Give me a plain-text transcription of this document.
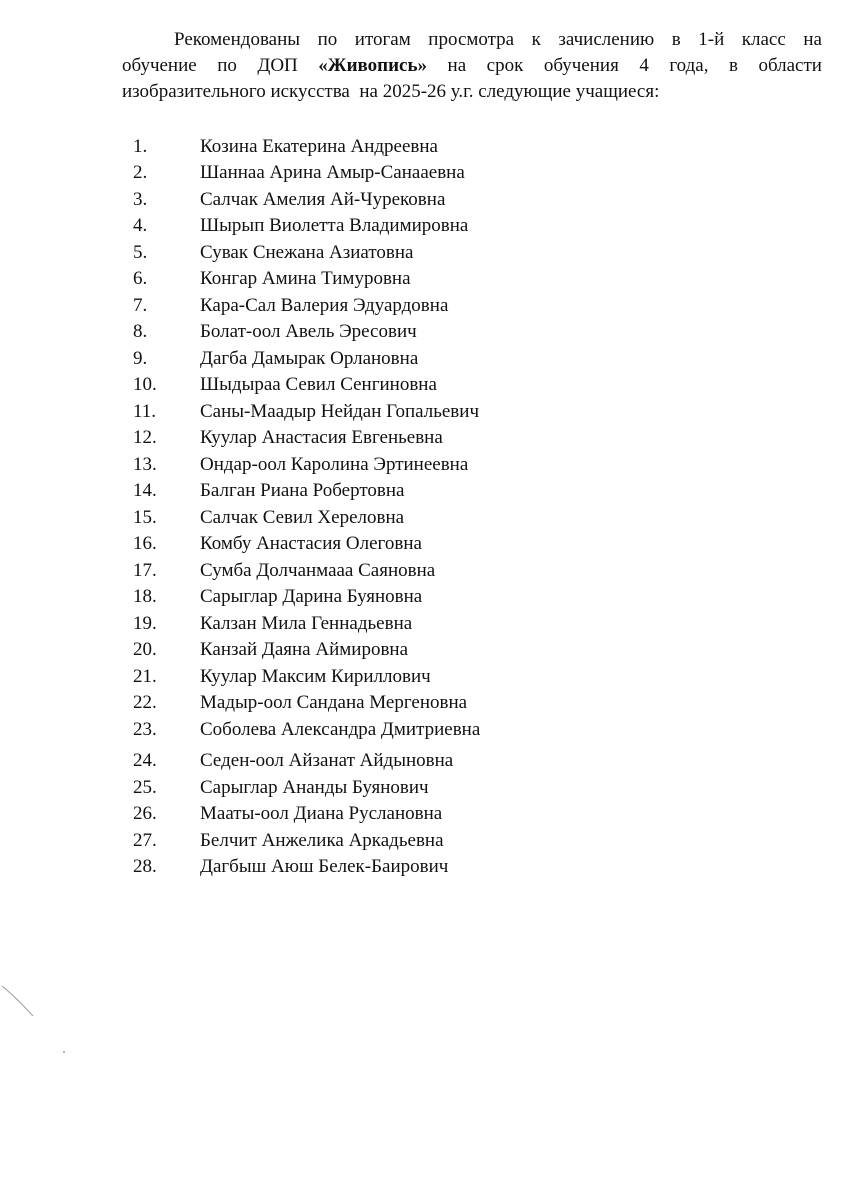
Рекомендованы по итогам просмотра к зачислению в 1-й класс на
обучение по ДОП «Живопись» на срок обучения 4 года, в области
изобразительного искусства  на 2025-26 у.г. следующие учащиеся:
1.	Козина Екатерина Андреевна
2.	Шаннаа Арина Амыр-Санаaевна
3.	Салчак Амелия Ай-Чурековна
4.	Шырып Виолетта Владимировна
5.	Сувак Снежана Азиатовна
6.	Конгар Амина Тимуровна
7.	Кара-Сал Валерия Эдуардовна
8.	Болат-оол Авель Эресович
9.	Дагба Дамырак Орлановна
10.	Шыдыраа Севил Сенгиновна
11.	Саны-Маадыр Нейдан Гопальевич
12.	Куулар Анастасия Евгеньевна
13.	Ондар-оол Каролина Эртинеевна
14.	Балган Риана Робертовна
15.	Салчак Севил Хереловна
16.	Комбу Анастасия Олеговна
17.	Сумба Долчанмааа Саяновна
18.	Сарыглар Дарина Буяновна
19.	Калзан Мила Геннадьевна
20.	Канзай Даяна Аймировна
21.	Куулар Максим Кириллович
22.	Мадыр-оол Сандана Мергеновна
23.	Соболева Александра Дмитриевна
24.	Седен-оол Айзанат Айдыновна
25.	Сарыглар Ананды Буянович
26.	Мааты-оол Диана Руслановна
27.	Белчит Анжелика Аркадьевна
28.	Дагбыш Аюш Белек-Баирович
